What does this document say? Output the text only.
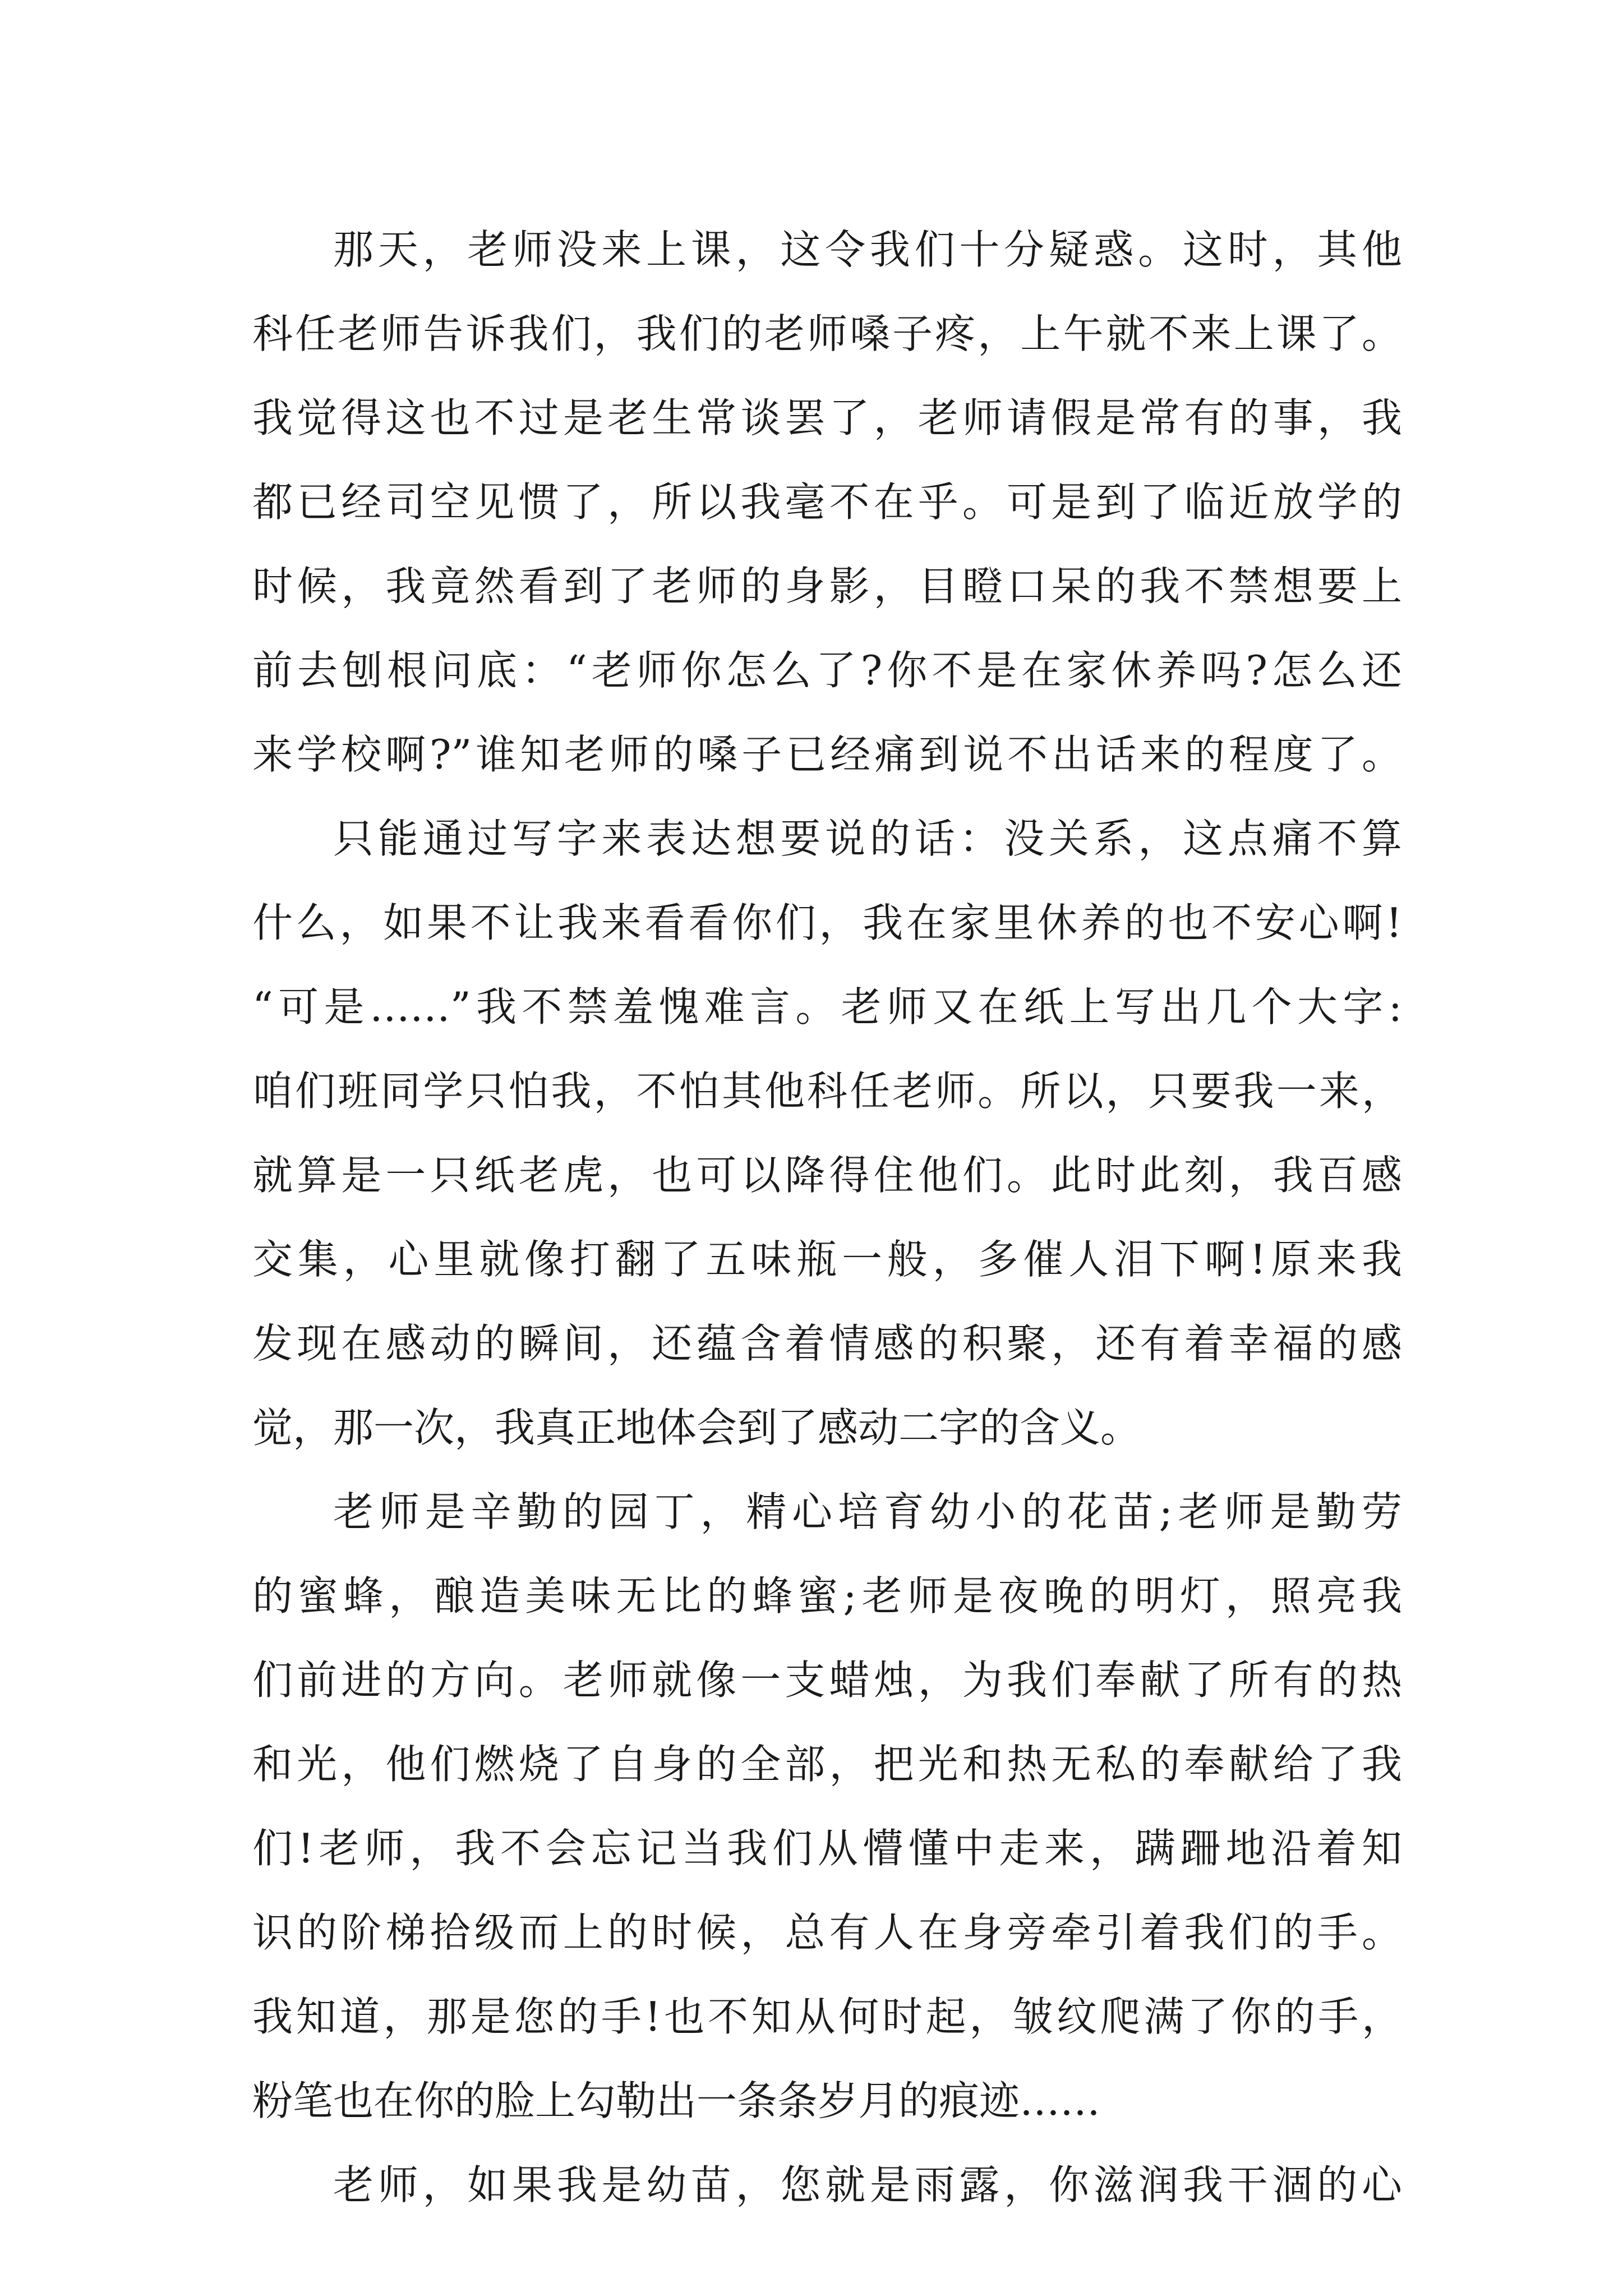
那天，老师没来上课，这令我们十分疑惑。这时，其他
科任老师告诉我们，我们的老师嗓子疼，上午就不来上课了。
我觉得这也不过是老生常谈罢了，老师请假是常有的事，我
都已经司空见惯了，所以我毫不在乎。可是到了临近放学的
时候，我竟然看到了老师的身影，目瞪口呆的我不禁想要上
前去刨根问底：“老师你怎么了?你不是在家休养吗?怎么还
来学校啊?”谁知老师的嗓子已经痛到说不出话来的程度了。
只能通过写字来表达想要说的话：没关系，这点痛不算
什么，如果不让我来看看你们，我在家里休养的也不安心啊!
“可是……”我不禁羞愧难言。老师又在纸上写出几个大字:
咱们班同学只怕我，不怕其他科任老师。所以，只要我一来，
就算是一只纸老虎，也可以降得住他们。此时此刻，我百感
交集，心里就像打翻了五味瓶一般，多催人泪下啊!原来我
发现在感动的瞬间，还蕴含着情感的积聚，还有着幸福的感
觉，那一次，我真正地体会到了感动二字的含义。
老师是辛勤的园丁，精心培育幼小的花苗;老师是勤劳
的蜜蜂，酿造美味无比的蜂蜜;老师是夜晚的明灯，照亮我
们前进的方向。老师就像一支蜡烛，为我们奉献了所有的热
和光，他们燃烧了自身的全部，把光和热无私的奉献给了我
们!老师，我不会忘记当我们从懵懂中走来，蹒跚地沿着知
识的阶梯拾级而上的时候，总有人在身旁牵引着我们的手。
我知道，那是您的手!也不知从何时起，皱纹爬满了你的手，
粉笔也在你的脸上勾勒出一条条岁月的痕迹……
老师，如果我是幼苗，您就是雨露，你滋润我干涸的心
